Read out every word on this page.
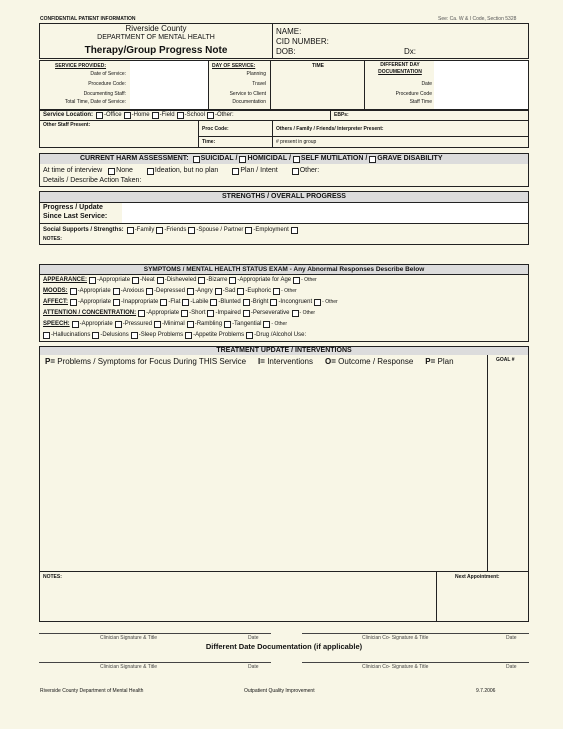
CONFIDENTIAL PATIENT INFORMATION	See: Ca. W & I Code, Section 5328
Riverside County
DEPARTMENT OF MENTAL HEALTH
Therapy/Group Progress Note
NAME:
CID NUMBER:
DOB:	Dx:
SERVICE PROVIDED:
Date of Service:
Procedure Code:
Documenting Staff:
Total Time, Date of Service:
DAY OF SERVICE:
Planning
Travel
Service to Client
Documentation
TIME	DIFFERENT DAY
DOCUMENTATION
Date
Procedure Code
Staff Time
Service Location: -Office -Home -Field -School -Other:	EBPs:
Other Staff Present:
Proc Code:
Time:
Others / Family / Friends/ Interpreter Present:
# present in group
CURRENT HARM ASSESSMENT: SUICIDAL / HOMICIDAL / SELF MUTILATION / GRAVE DISABILITY
At time of interview None	Ideation, but no plan	Plan / Intent	Other:
Details / Describe Action Taken:
STRENGTHS / OVERALL PROGRESS
Progress / Update
Since Last Service:
Social Supports / Strengths: -Family -Friends -Spouse / Partner -Employment
NOTES:
SYMPTOMS / MENTAL HEALTH STATUS EXAM - Any Abnormal Responses Describe Below
APPEARANCE: -Appropriate -Neat -Disheveled -Bizarre -Appropriate for Age - Other
MOODS: -Appropriate -Anxious -Depressed -Angry -Sad -Euphoric - Other
AFFECT: -Appropriate -Inappropriate -Flat -Labile -Blunted -Bright -Incongruent - Other
ATTENTION / CONCENTRATION: -Appropriate -Short -Impaired -Perseverative - Other
SPEECH: -Appropriate -Pressured -Minimal -Rambling -Tangential - Other
-Hallucinations -Delusions -Sleep Problems -Appetite Problems -Drug /Alcohol Use:
TREATMENT UPDATE / INTERVENTIONS
P=
Problems / Symptoms for Focus During THIS Service I=
Interventions O=
Outcome / Response P=
Plan	GOAL #
NOTES:	Next Appointment:
Clinician Signature & Title	Date	Clinician Co- Signature & Title	Date
Different Date Documentation (if applicable)
Clinician Signature & Title	Date	Clinician Co- Signature & Title	Date
Riverside County Department of Mental Health	Outpatient Quality Improvement	9.7.2006
